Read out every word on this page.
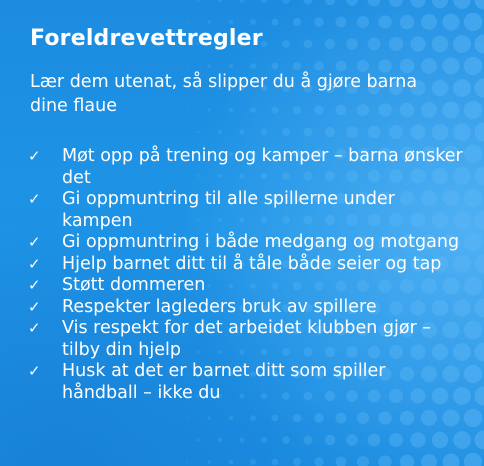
Foreldrevettregler

Lær dem utenat, så slipper du å gjøre barna dine flaue

✓ Møt opp på trening og kamper – barna ønsker det
✓ Gi oppmuntring til alle spillerne under kampen
✓ Gi oppmuntring i både medgang og motgang
✓ Hjelp barnet ditt til å tåle både seier og tap
✓ Støtt dommeren
✓ Respekter lagleders bruk av spillere
✓ Vis respekt for det arbeidet klubben gjør – tilby din hjelp
✓ Husk at det er barnet ditt som spiller håndball – ikke du
